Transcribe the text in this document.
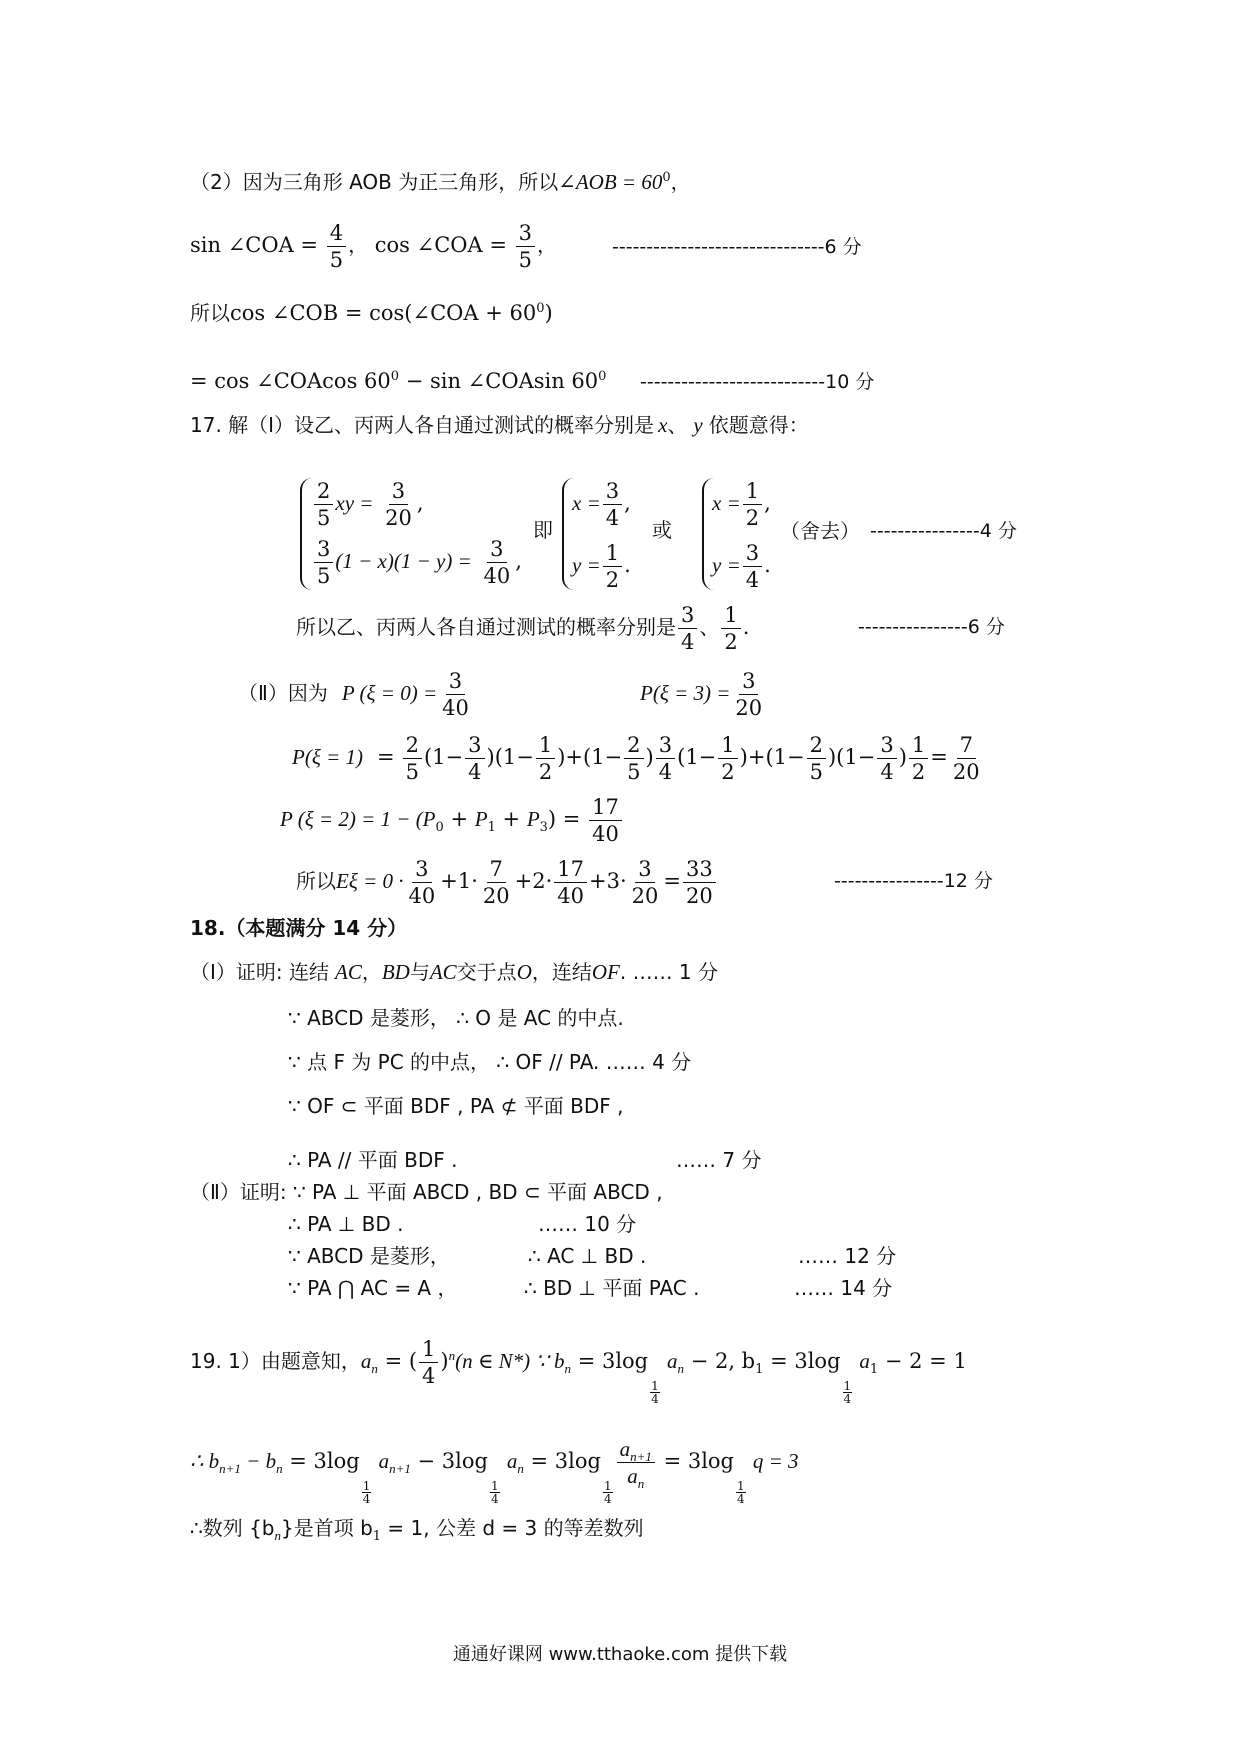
（2）因为三角形 AOB 为正三角形，所以∠AOB = $60^0$，
sin ∠COA = $\frac{4}{5}$ ， cos ∠COA = $\frac{3}{5}$ ，	-------------------------------6 分
所以cos ∠COB = cos(∠COA + $60^0$)
= cos ∠COAcos $60^0 - \sin$ ∠COAsin $60^0$ ---------------------------10 分
17. 解（Ⅰ）设乙、丙两人各自通过测试的概率分别是 x、 y 依题意得：
$\frac{2}{5}$ xy = $\frac{3}{20}$ ,
$\frac{3}{5} (1 - x)(1 - y) = \frac{3}{40}$ ,
即
$x = \frac{3}{4}$ ,
$y = \frac{1}{2}$ .
或
$x = \frac{1}{2}$ ,
$y = \frac{3}{4}$ .
（舍去） ----------------4 分
所以乙、丙两人各自通过测试的概率分别是 $\frac{3}{4}$ 、 $\frac{1}{2}$ .	----------------6 分
（Ⅱ）因为 P $(\xi = 0) = \frac{3}{40}$	$P(\xi = 3) = \frac{3}{20}$
$P(\xi = 1) = \frac{2}{5} (1- \frac{3}{4} )(1- \frac{1}{2} )+(1- \frac{2}{5}$ ) $\frac{3}{4} (1- \frac{1}{2} )+(1- \frac{2}{5} )(1- \frac{3}{4}$ ) $\frac{1}{2} = \frac{7}{20}$
P $(\xi = 2) = 1 - (P_0 + P_1 + P_3) = \frac{17}{40}$
所以$E\xi = 0 \cdot \frac{3}{40} +1\cdot \frac{7}{20} +2\cdot \frac{17}{40} +3\cdot \frac{3}{20} = \frac{33}{20}$	----------------12 分
18.（本题满分 14 分）
（Ⅰ）证明: 连结 AC，BD与AC交于点O，连结OF. …… 1 分
∵ ABCD 是菱形， ∴ O 是 AC 的中点.
∵ 点 F 为 PC 的中点， ∴ OF // PA. …… 4 分
∵ OF ⊂ 平面 BDF , PA ⊄ 平面 BDF ,
∴ PA // 平面 BDF .	…… 7 分
（Ⅱ）证明: ∵ PA ⊥ 平面 ABCD , BD ⊂ 平面 ABCD ,
∴ PA ⊥ BD .	…… 10 分
∵ ABCD 是菱形，	∴ AC ⊥ BD .	…… 12 分
∵ PA ⋂ AC = A ，	∴ BD ⊥ 平面 PAC .	…… 14 分
19. 1）由题意知，$a_n$ = ( $\frac{1}{4} )^n(n$ ∈ N*) ∵ $b_n = 3\log$
$\frac{1}{4}$
$a_n - 2$, $b_1 = 3\log$
$\frac{1}{4}$
$a_1 - 2 = 1$
∴ $b_{n+1} - b_n = 3\log$
$\frac{1}{4}$
$a_{n+1} - 3\log$
$\frac{1}{4}$
$a_n = 3\log$
$\frac{1}{4}$
$\frac{a_{n+1}}{a_n} = 3\log$
$\frac{1}{4}$
q = 3
∴数列 $\{b_n\}$是首项 $b_1 = 1$, 公差 d = 3 的等差数列
通通好课网 www.tthaoke.com 提供下载
